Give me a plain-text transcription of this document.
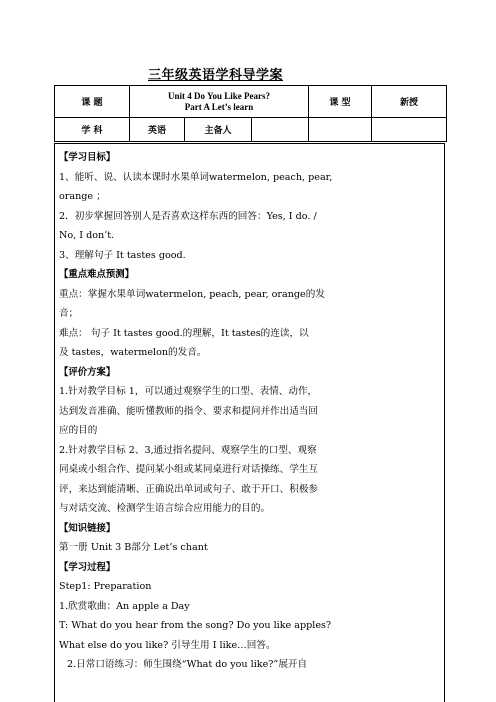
三年级英语学科导学案
课 题	Unit 4 Do You Like Pears?
Part A Let’s learn			课 型	新授
学 科	英语	主备人			

【学习目标】

1、能听、说、认读本课时水果单词watermelon, peach, pear,

orange ；

2．初步掌握回答别人是否喜欢这样东西的回答：Yes, I do. /

No, I don’t.

3、理解句子 It tastes good.

【重点难点预测】

重点：掌握水果单词watermelon, peach, pear, orange的发

音；

难点： 句子 It tastes good.的理解，It tastes的连读，以

及 tastes，watermelon的发音。

【评价方案】

1.针对教学目标 1，可以通过观察学生的口型、表情、动作，

达到发音准确、能听懂教师的指令、要求和提问并作出适当回

应的目的

2.针对教学目标 2、3,通过指名提问、观察学生的口型、观察

同桌或小组合作、提问某小组或某同桌进行对话操练、学生互

评，来达到能清晰、正确说出单词或句子、敢于开口、积极参

与对话交流、检测学生语言综合应用能力的目的。

【知识链接】

第一册 Unit 3 B部分 Let’s chant

【学习过程】

Step1: Preparation

1.欣赏歌曲：An apple a Day

T: What do you hear from the song? Do you like apples?

What else do you like? 引导生用 I like…回答。

2.日常口语练习：师生围绕“What do you like?”展开自
